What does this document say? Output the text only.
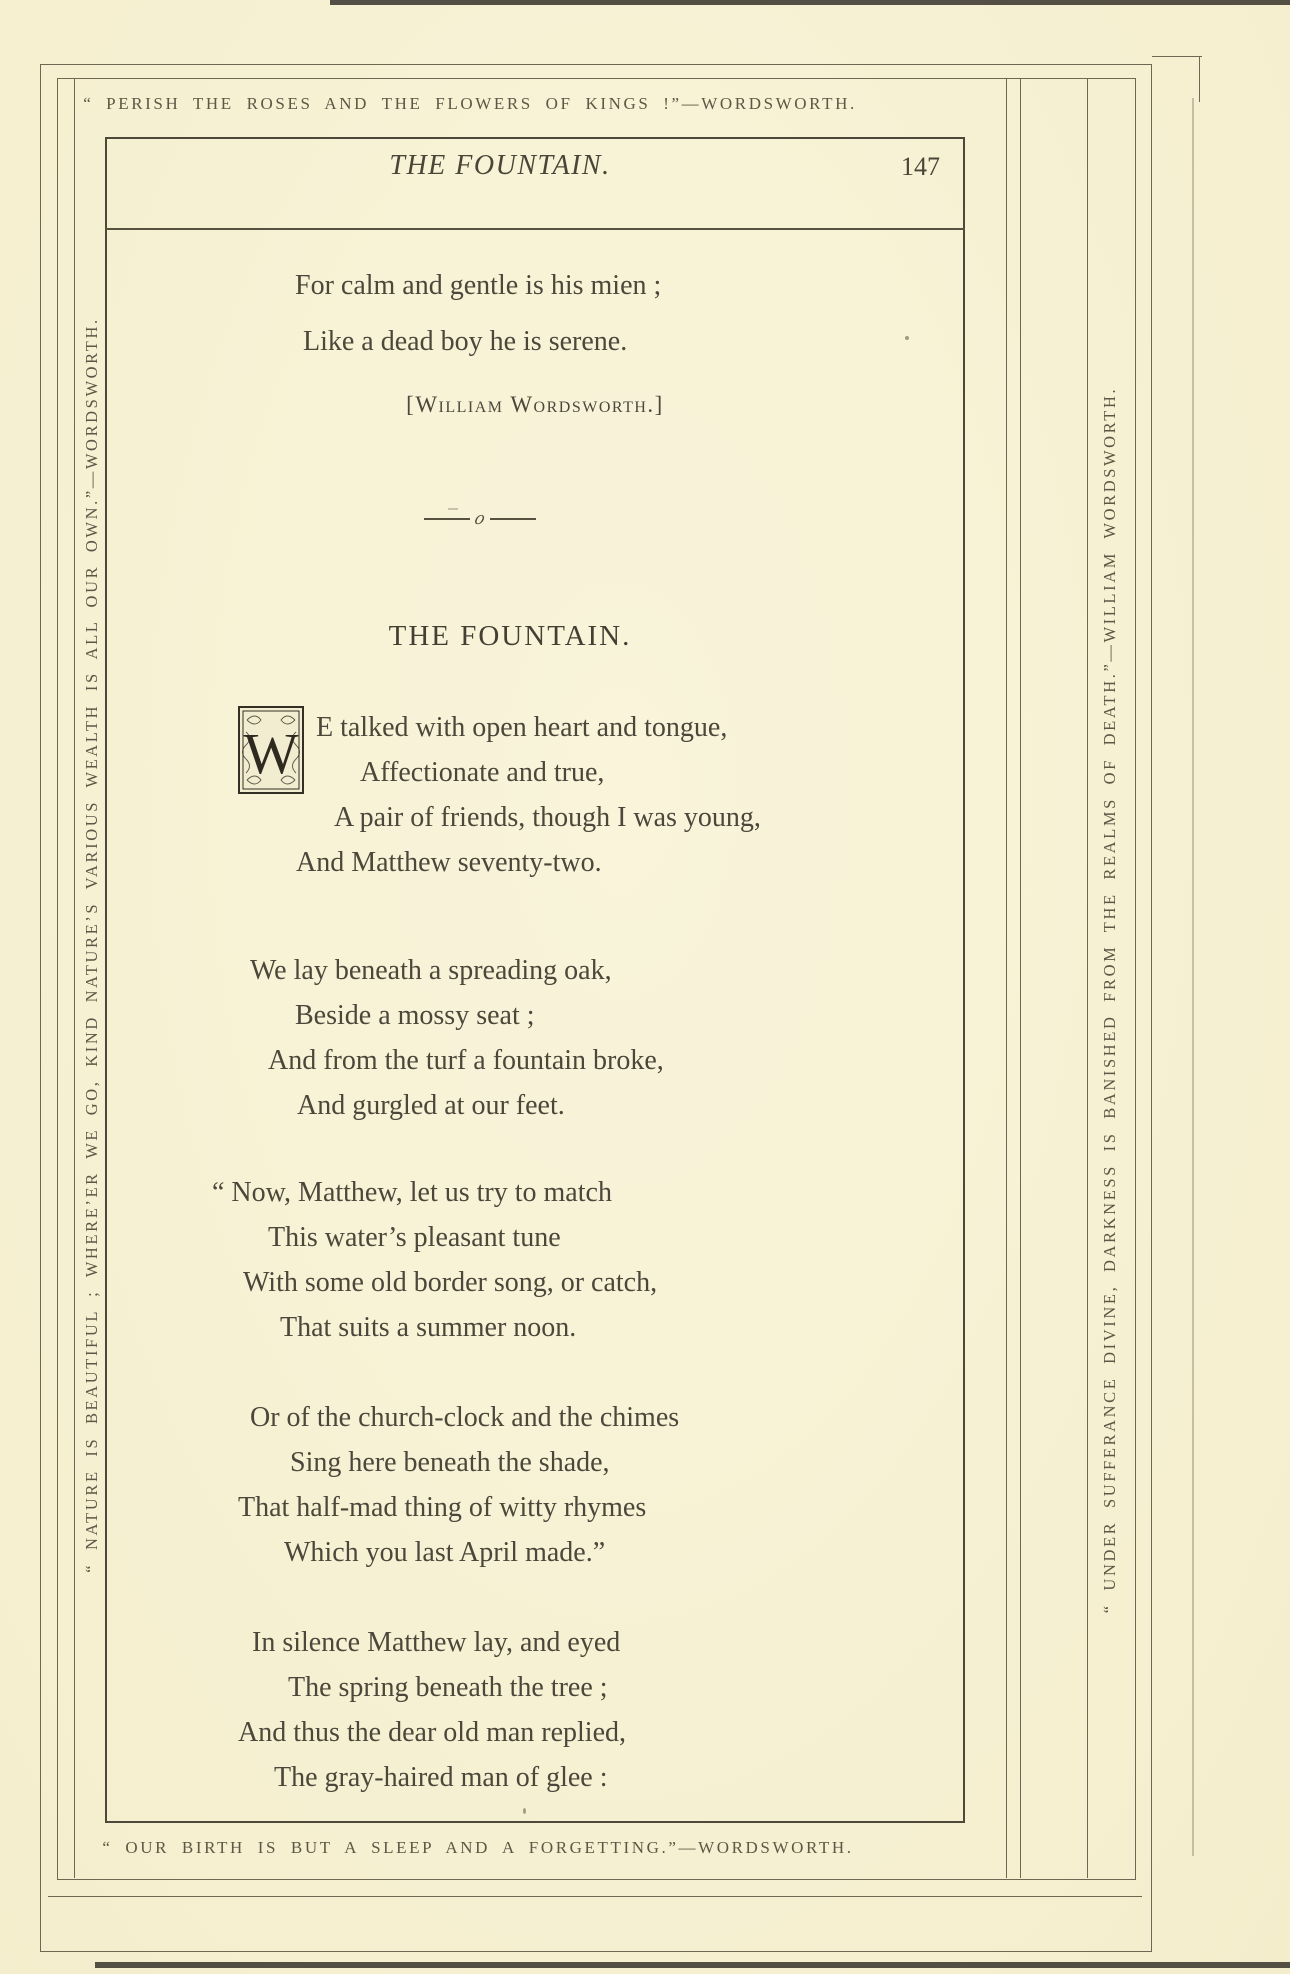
“ PERISH THE ROSES AND THE FLOWERS OF KINGS !”—WORDSWORTH.
“ OUR BIRTH IS BUT A SLEEP AND A FORGETTING.”—WORDSWORTH.
“ NATURE IS BEAUTIFUL ; WHERE’ER WE GO, KIND NATURE’S VARIOUS WEALTH IS ALL OUR OWN.”—WORDSWORTH.	“ UNDER SUFFERANCE DIVINE, DARKNESS IS BANISHED FROM THE REALMS OF DEATH.”—WILLIAM WORDSWORTH.
THE FOUNTAIN.	147
For calm and gentle is his mien ;
Like a dead boy he is serene.
[William Wordsworth.]
o
THE FOUNTAIN.
W E talked with open heart and tongue,
Affectionate and true,
A pair of friends, though I was young,
And Matthew seventy-two.
We lay beneath a spreading oak,
Beside a mossy seat ;
And from the turf a fountain broke,
And gurgled at our feet.
“ Now, Matthew, let us try to match
This water’s pleasant tune
With some old border song, or catch,
That suits a summer noon.
Or of the church-clock and the chimes
Sing here beneath the shade,
That half-mad thing of witty rhymes
Which you last April made.”
In silence Matthew lay, and eyed
The spring beneath the tree ;
And thus the dear old man replied,
The gray-haired man of glee :
